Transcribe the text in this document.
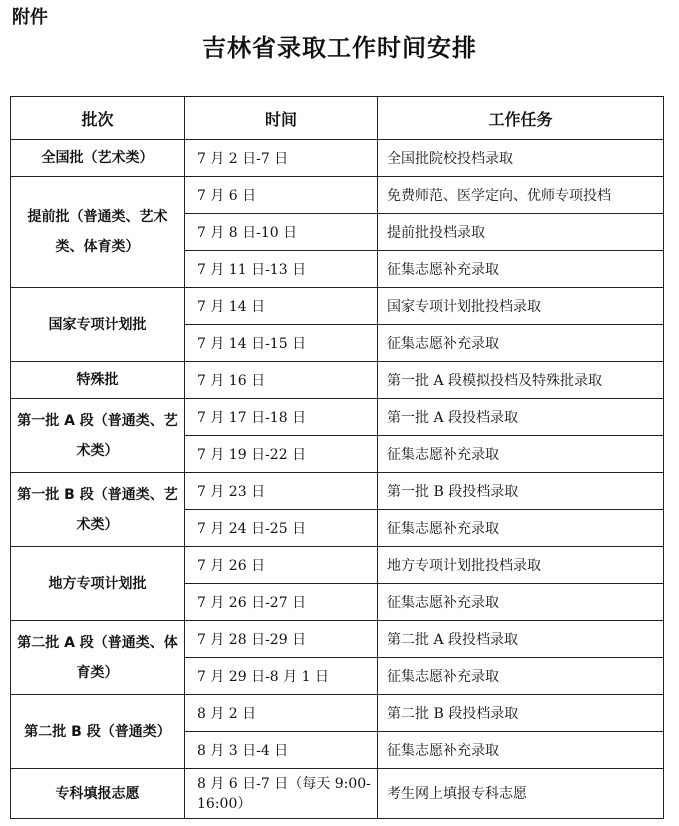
附件
吉林省录取工作时间安排
批次	时间	工作任务
全国批（艺术类）	7 月 2 日-7 日	全国批院校投档录取
提前批（普通类、艺术类、体育类）	7 月 6 日	免费师范、医学定向、优师专项投档
	7 月 8 日-10 日	提前批投档录取
	7 月 11 日-13 日	征集志愿补充录取
国家专项计划批	7 月 14 日	国家专项计划批投档录取
	7 月 14 日-15 日	征集志愿补充录取
特殊批	7 月 16 日	第一批 A 段模拟投档及特殊批录取
第一批 A 段（普通类、艺术类）	7 月 17 日-18 日	第一批 A 段投档录取
	7 月 19 日-22 日	征集志愿补充录取
第一批 B 段（普通类、艺术类）	7 月 23 日	第一批 B 段投档录取
	7 月 24 日-25 日	征集志愿补充录取
地方专项计划批	7 月 26 日	地方专项计划批投档录取
	7 月 26 日-27 日	征集志愿补充录取
第二批 A 段（普通类、体育类）	7 月 28 日-29 日	第二批 A 段投档录取
	7 月 29 日-8 月 1 日	征集志愿补充录取
第二批 B 段（普通类）	8 月 2 日	第二批 B 段投档录取
	8 月 3 日-4 日	征集志愿补充录取
专科填报志愿	8 月 6 日-7 日（每天 9:00-16:00）	考生网上填报专科志愿
